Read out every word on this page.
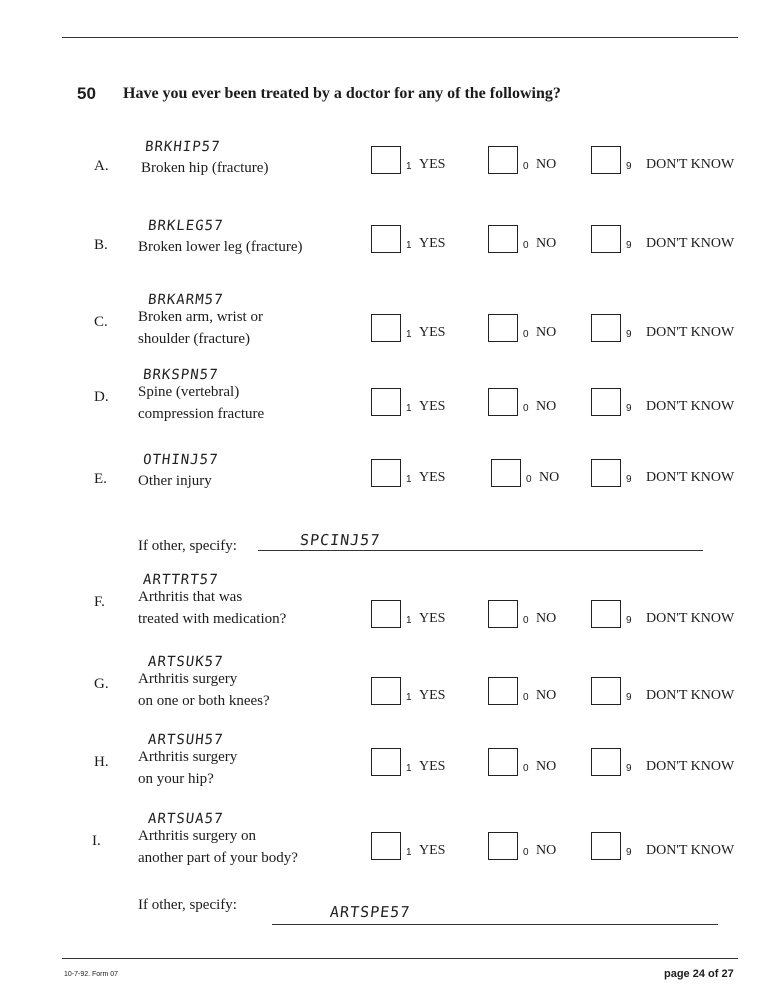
50 Have you ever been treated by a doctor for any of the following?
BRKHIP57
A. Broken hip (fracture)	1 YES	0 NO	9 DON'T KNOW
BRKLEG57
B. Broken lower leg (fracture)	1 YES	0 NO	9 DON'T KNOW
BRKARM57
C. Broken arm, wrist or
shoulder (fracture)	1 YES	0 NO	9 DON'T KNOW
BRKSPN57
D. Spine (vertebral)
compression fracture	1 YES	0 NO	9 DON'T KNOW
OTHINJ57
E. Other injury	1 YES	0 NO	9 DON'T KNOW
ARTTRT57
F. Arthritis that was
treated with medication?	1 YES	0 NO	9 DON'T KNOW
ARTSUK57
G. Arthritis surgery
on one or both knees?	1 YES	0 NO	9 DON'T KNOW
ARTSUH57
H. Arthritis surgery
on your hip?
1 YES	0 NO	9 DON'T KNOW
ARTSUA57
I. Arthritis surgery on
another part of your body?	1 YES	0 NO	9 DON'T KNOW
If other, specify:	SPCINJ57
If other, specify:	ARTSPE57
10-7-92. Form 07	page 24 of 27
